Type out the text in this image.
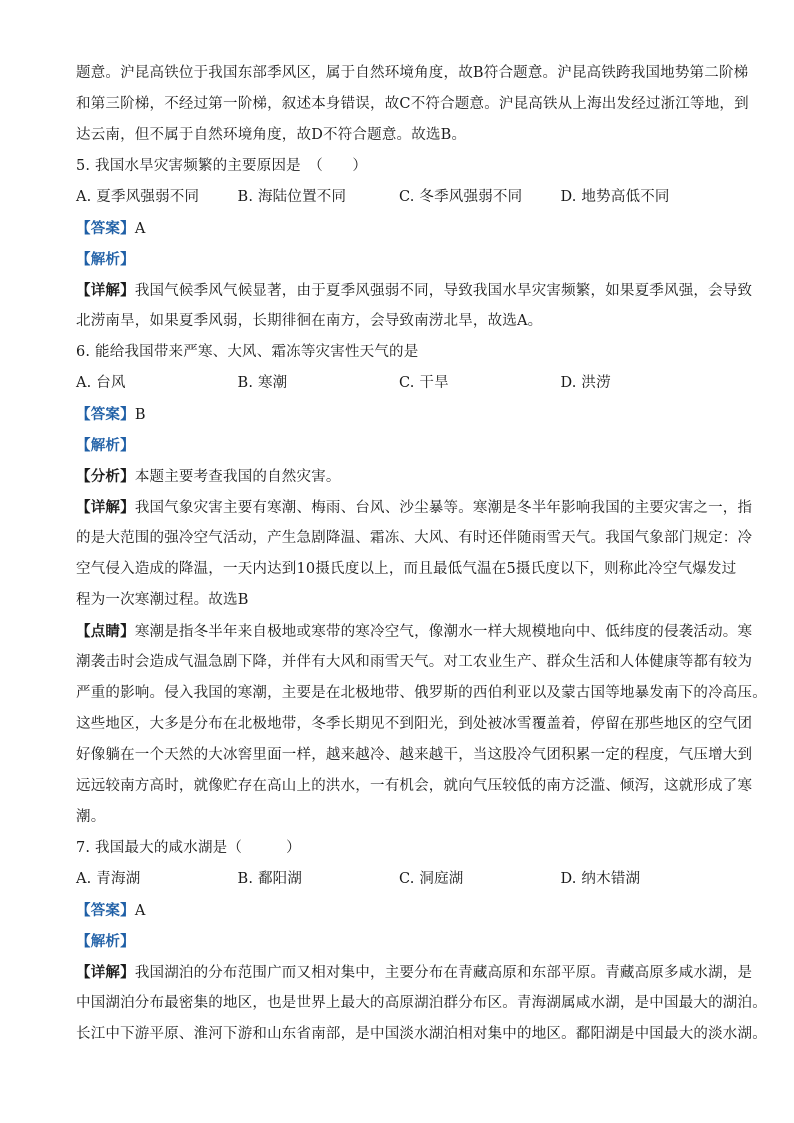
题意。沪昆高铁位于我国东部季风区，属于自然环境角度，故B符合题意。沪昆高铁跨我国地势第二阶梯
和第三阶梯，不经过第一阶梯，叙述本身错误，故C不符合题意。沪昆高铁从上海出发经过浙江等地，到
达云南，但不属于自然环境角度，故D不符合题意。故选B。
5. 我国水旱灾害频繁的主要原因是　（　　）
A. 夏季风强弱不同	B. 海陆位置不同	C. 冬季风强弱不同	D. 地势高低不同
【答案】A
【解析】
【详解】我国气候季风气候显著，由于夏季风强弱不同，导致我国水旱灾害频繁，如果夏季风强，会导致
北涝南旱，如果夏季风弱，长期徘徊在南方，会导致南涝北旱，故选A。
6. 能给我国带来严寒、大风、霜冻等灾害性天气的是
A. 台风	B. 寒潮	C. 干旱	D. 洪涝
【答案】B
【解析】
【分析】本题主要考查我国的自然灾害。
【详解】我国气象灾害主要有寒潮、梅雨、台风、沙尘暴等。寒潮是冬半年影响我国的主要灾害之一，指
的是大范围的强冷空气活动，产生急剧降温、霜冻、大风、有时还伴随雨雪天气。我国气象部门规定：冷
空气侵入造成的降温，一天内达到10摄氏度以上，而且最低气温在5摄氏度以下，则称此冷空气爆发过
程为一次寒潮过程。故选B
【点睛】寒潮是指冬半年来自极地或寒带的寒冷空气，像潮水一样大规模地向中、低纬度的侵袭活动。寒
潮袭击时会造成气温急剧下降，并伴有大风和雨雪天气。对工农业生产、群众生活和人体健康等都有较为
严重的影响。侵入我国的寒潮，主要是在北极地带、俄罗斯的西伯利亚以及蒙古国等地暴发南下的冷高压。
这些地区，大多是分布在北极地带，冬季长期见不到阳光，到处被冰雪覆盖着，停留在那些地区的空气团
好像躺在一个天然的大冰窖里面一样，越来越冷、越来越干，当这股冷气团积累一定的程度，气压增大到
远远较南方高时，就像贮存在高山上的洪水，一有机会，就向气压较低的南方泛滥、倾泻，这就形成了寒
潮。
7. 我国最大的咸水湖是（　　　）
A. 青海湖	B. 鄱阳湖	C. 洞庭湖	D. 纳木错湖
【答案】A
【解析】
【详解】我国湖泊的分布范围广而又相对集中，主要分布在青藏高原和东部平原。青藏高原多咸水湖，是
中国湖泊分布最密集的地区，也是世界上最大的高原湖泊群分布区。青海湖属咸水湖，是中国最大的湖泊。
长江中下游平原、淮河下游和山东省南部，是中国淡水湖泊相对集中的地区。鄱阳湖是中国最大的淡水湖。
